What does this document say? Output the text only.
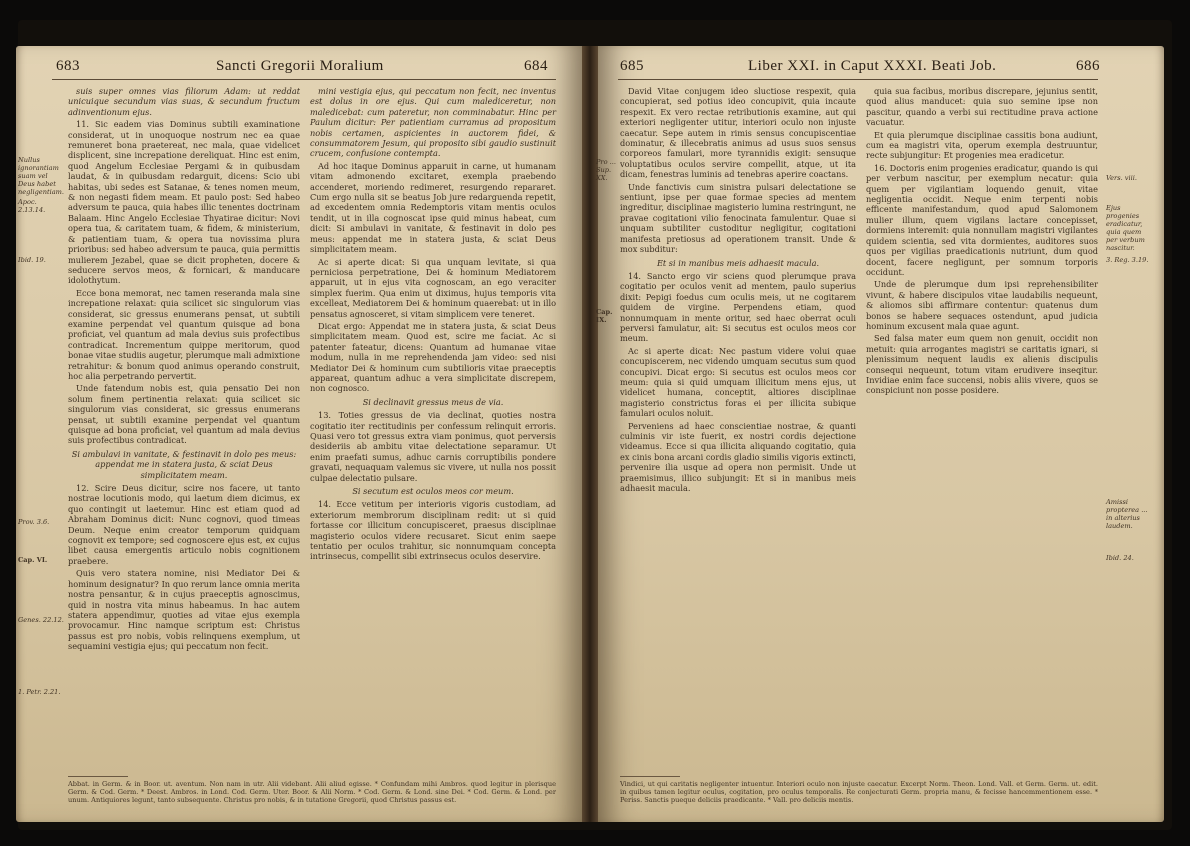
683	Sancti Gregorii Moralium	684
Nullus ignorantiam suam vel Deus habet negligentiam.
Apoc. 2.13.14.
Ibid. 19.
Prov. 3.6.
Cap. VI.
Genes. 22.12.
1. Petr. 2.21.

suis super omnes vias filiorum Adam: ut reddat unicuique secundum vias suas, & secundum fructum adinventionum ejus.

11. Sic eadem vias Dominus subtili examinatione considerat, ut in unoquoque nostrum nec ea quae remuneret bona praetereat, nec mala, quae videlicet displicent, sine increpatione dereliquat. Hinc est enim, quod Angelum Ecclesiae Pergami & in quibusdam laudat, & in quibusdam redarguit, dicens: Scio ubi habitas, ubi sedes est Satanae, & tenes nomen meum, & non negasti fidem meam. Et paulo post: Sed habeo adversum te pauca, quia habes illic tenentes doctrinam Balaam. Hinc Angelo Ecclesiae Thyatirae dicitur: Novi opera tua, & caritatem tuam, & fidem, & ministerium, & patientiam tuam, & opera tua novissima plura prioribus: sed habeo adversum te pauca, quia permittis mulierem Jezabel, quae se dicit propheten, docere & seducere servos meos, & fornicari, & manducare idolothytum.

Ecce bona memorat, nec tamen reseranda mala sine increpatione relaxat: quia scilicet sic singulorum vias considerat, sic gressus enumerans pensat, ut subtili examine perpendat vel quantum quisque ad bona proficiat, vel quantum ad mala devius suis profectibus contradicat. Incrementum quippe meritorum, quod bonae vitae studiis augetur, plerumque mali admixtione retrahitur: & bonum quod animus operando construit, hoc alia perpetrando pervertit.

Unde fatendum nobis est, quia pensatio Dei non solum finem pertinentia relaxat: quia scilicet sic singulorum vias considerat, sic gressus enumerans pensat, ut subtili examine perpendat vel quantum quisque ad bona proficiat, vel quantum ad mala devius suis profectibus contradicat.

Si ambulavi in vanitate, & festinavit in dolo pes meus: appendat me in statera justa, & sciat Deus simplicitatem meam.

12. Scire Deus dicitur, scire nos facere, ut tanto nostrae locutionis modo, qui laetum diem dicimus, ex quo contingit ut laetemur. Hinc est etiam quod ad Abraham Dominus dicit: Nunc cognovi, quod timeas Deum. Neque enim creator temporum quidquam cognovit ex tempore; sed cognoscere ejus est, ex cujus libet causa emergentis articulo nobis cognitionem praebere.

Quis vero statera nomine, nisi Mediator Dei & hominum designatur? In quo rerum lance omnia merita nostra pensantur, & in cujus praeceptis agnoscimus, quid in nostra vita minus habeamus. In hac autem statera appendimur, quoties ad vitae ejus exempla provocamur. Hinc namque scriptum est: Christus passus est pro nobis, vobis relinquens exemplum, ut sequamini vestigia ejus; qui peccatum non fecit.

mini vestigia ejus, qui peccatum non fecit, nec inventus est dolus in ore ejus. Qui cum malediceretur, non maledicebat: cum pateretur, non comminabatur. Hinc per Paulum dicitur: Per patientiam curramus ad propositum nobis certamen, aspicientes in auctorem fidei, & consummatorem Jesum, qui proposito sibi gaudio sustinuit crucem, confusione contempta.

Ad hoc itaque Dominus apparuit in carne, ut humanam vitam admonendo excitaret, exempla praebendo accenderet, moriendo redimeret, resurgendo repararet. Cum ergo nulla sit se beatus Job jure redarguenda repetit, ad excedentem omnia Redemptoris vitam mentis oculos tendit, ut in illa cognoscat ipse quid minus habeat, cum dicit: Si ambulavi in vanitate, & festinavit in dolo pes meus: appendat me in statera justa, & sciat Deus simplicitatem meam.

Ac si aperte dicat: Si qua unquam levitate, si qua perniciosa perpetratione, Dei & hominum Mediatorem apparuit, ut in ejus vita cognoscam, an ego veraciter simplex fuerim. Qua enim ut diximus, hujus temporis vita excelleat, Mediatorem Dei & hominum quaerebat: ut in illo pensatus agnosceret, si vitam simplicem vere teneret.

Dicat ergo: Appendat me in statera justa, & sciat Deus simplicitatem meam. Quod est, scire me faciat. Ac si patenter fateatur, dicens: Quantum ad humanae vitae modum, nulla in me reprehendenda jam video: sed nisi Mediator Dei & hominum cum subtilioris vitae praeceptis appareat, quantum adhuc a vera simplicitate discrepem, non cognosco.

Si declinavit gressus meus de via.

13. Toties gressus de via declinat, quoties nostra cogitatio iter rectitudinis per confessum relinquit erroris. Quasi vero tot gressus extra viam ponimus, quot perversis desideriis ab ambitu vitae delectatione separamur. Ut enim praefati sumus, adhuc carnis corruptibilis pondere gravati, nequaquam valemus sic vivere, ut nulla nos possit culpae delectatio pulsare.

Si secutum est oculos meos cor meum.

14. Ecce vetitum per interioris vigoris custodiam, ad exteriorum membrorum disciplinam redit: ut si quid fortasse cor illicitum concupisceret, praesus disciplinae magisterio oculos videre recusaret. Sicut enim saepe tentatio per oculos trahitur, sic nonnumquam concepta intrinsecus, compellit sibi extrinsecus oculos deservire.

Abbat. in Germ. & in Boor. ut. aventum. Non nam in utr. Alii videbant. Alii aliud egisse. * Confundam mihi Ambros. quod legitur in plerisque Germ. & Cod. Germ. * Deest. Ambros. in Lond. Cod. Germ. Uter. Boor. & Alii Norm. * Cod. Germ. & Lond. sine Dei. * Cod. Germ. & Lond. per unum. Antiquiores legunt, tanto subsequente. Christus pro nobis, & in tutatione Gregorii, quod Christus passus est.
685	Liber XXI. in Caput XXXI. Beati Job.	686

David Vitae conjugem ideo sluctiose respexit, quia concupierat, sed potius ideo concupivit, quia incaute respexit. Ex vero rectae retributionis examine, aut qui exteriori negligenter utitur, interiori oculo non injuste caecatur. Sepe autem in rimis sensus concupiscentiae dominatur, & illecebratis animus ad usus suos sensus corporeos famulari, more tyrannidis exigit: sensuque voluptatibus oculos servire compellit, atque, ut ita dicam, fenestras luminis ad tenebras aperire coactans.

Unde fanctivis cum sinistra pulsari delectatione se sentiunt, ipse per quae formae species ad mentem ingreditur, disciplinae magisterio lumina restringunt, ne pravae cogitationi vilio fenocinata famulentur. Quae si unquam subtiliter custoditur negligitur, cogitationi manifesta pretiosus ad operationem transit. Unde & mox subditur:

Et si in manibus meis adhaesit macula.

14. Sancto ergo vir sciens quod plerumque prava cogitatio per oculos venit ad mentem, paulo superius dixit: Pepigi foedus cum oculis meis, ut ne cogitarem quidem de virgine. Perpendens etiam, quod nonnumquam in mente oritur, sed haec oberrat oculi perversi famulatur, ait: Si secutus est oculos meos cor meum.

Ac si aperte dicat: Nec pastum videre volui quae concupiscerem, nec videndo umquam secutus sum quod concupivi. Dicat ergo: Si secutus est oculos meos cor meum: quia si quid umquam illicitum mens ejus, ut videlicet humana, conceptit, altiores disciplinae magisterio constrictus foras ei per illicita subique famulari oculos noluit.

Perveniens ad haec conscientiae nostrae, & quanti culminis vir iste fuerit, ex nostri cordis dejectione videamus. Ecce si qua illicita aliquando cogitatio, quia ex cinis bona arcani cordis gladio similis vigoris extincti, pervenire ilia usque ad opera non permisit. Unde ut praemisimus, illico subjungit: Et si in manibus meis adhaesit macula.

quia sua facibus, moribus discrepare, jejunius sentit, quod alius manducet: quia suo semine ipse non pascitur, quando a verbi sui rectitudine prava actione vacuatur.

Et quia plerumque disciplinae cassitis bona audiunt, cum ea magistri vita, operum exempla destruuntur, recte subjungitur: Et progenies mea eradicetur.

16. Doctoris enim progenies eradicatur, quando is qui per verbum nascitur, per exemplum necatur: quia quem per vigilantiam loquendo genuit, vitae negligentia occidit. Neque enim terpenti nobis efficente manifestandum, quod apud Salomonem mulier illum, quem vigilans lactare concepisset, dormiens interemit: quia nonnullam magistri vigilantes quidem scientia, sed vita dormientes, auditores suos quos per vigilias praedicationis nutriunt, dum quod docent, facere negligunt, per somnum torporis occidunt.

Unde de plerumque dum ipsi reprehensibiliter vivunt, & habere discipulos vitae laudabilis nequeunt, & aliomos sibi affirmare contentur: quatenus dum bonos se habere sequaces ostendunt, apud judicia hominum excusent mala quae agunt.

Sed falsa mater eum quem non genuit, occidit non metuit: quia arrogantes magistri se caritatis ignari, si plenissimum nequent laudis ex alienis discipulis consequi nequeunt, totum vitam erudivere inseqitur. Invidiae enim face succensi, nobis aliis vivere, quos se conspiciunt non posse posidere.

Pro ... Sup. XX.
Cap. IX.
Vers. viii.
Ejus progenies eradicatur, quia quem per verbum nascitur.
3. Reg. 3.19.
Amissi propterea ... in alterius laudem.
Ibid. 24.
Vindici, ut qui caritatis negligenter intuentur. Interiori oculo non injuste caecatur. Excerpt Norm. Theon. Lond. Vall. et Germ. Germ. ut. edit. in quibus tamen legitur oculus, cogitation, pro oculus temporalis. Re conjecturati Germ. propria manu, & fecisse hancemmentionem esse. * Periss. Sanctis pueque deliciis praedicante. * Vall. pro deliciis mentis.
